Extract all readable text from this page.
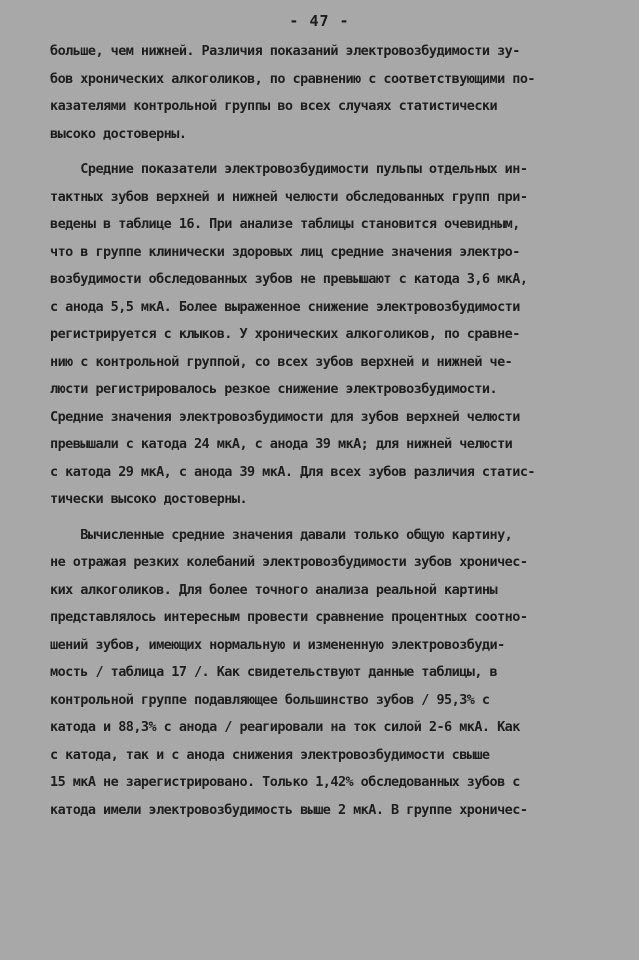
- 47 -
больше, чем нижней. Различия показаний электровозбудимости зу-
бов хронических алкоголиков, по сравнению с соответствующими по-
казателями контрольной группы во всех случаях статистически
высоко достоверны.
Средние показатели электровозбудимости пульпы отдельных ин-
тактных зубов верхней и нижней челюсти обследованных групп при-
ведены в таблице 16. При анализе таблицы становится очевидным,
что в группе клинически здоровых лиц средние значения электро-
возбудимости обследованных зубов не превышают с катода 3,6 мкА,
с анода 5,5 мкА. Более выраженное снижение электровозбудимости
регистрируется с клыков. У хронических алкоголиков, по сравне-
нию с контрольной группой, со всех зубов верхней и нижней че-
люсти регистрировалось резкое снижение электровозбудимости.
Средние значения электровозбудимости для зубов верхней челюсти
превышали с катода 24 мкА, с анода 39 мкА; для нижней челюсти
с катода 29 мкА, с анода 39 мкА. Для всех зубов различия статис-
тически высоко достоверны.
Вычисленные средние значения давали только общую картину,
не отражая резких колебаний электровозбудимости зубов хроничес-
ких алкоголиков. Для более точного анализа реальной картины
представлялось интересным провести сравнение процентных соотно-
шений зубов, имеющих нормальную и измененную электровозбуди-
мость / таблица 17 /. Как свидетельствуют данные таблицы, в
контрольной группе подавляющее большинство зубов / 95,3% с
катода и 88,3% с анода / реагировали на ток силой 2-6 мкА. Как
с катода, так и с анода снижения электровозбудимости свыше
15 мкА не зарегистрировано. Только 1,42% обследованных зубов с
катода имели электровозбудимость выше 2 мкА. В группе хроничес-
